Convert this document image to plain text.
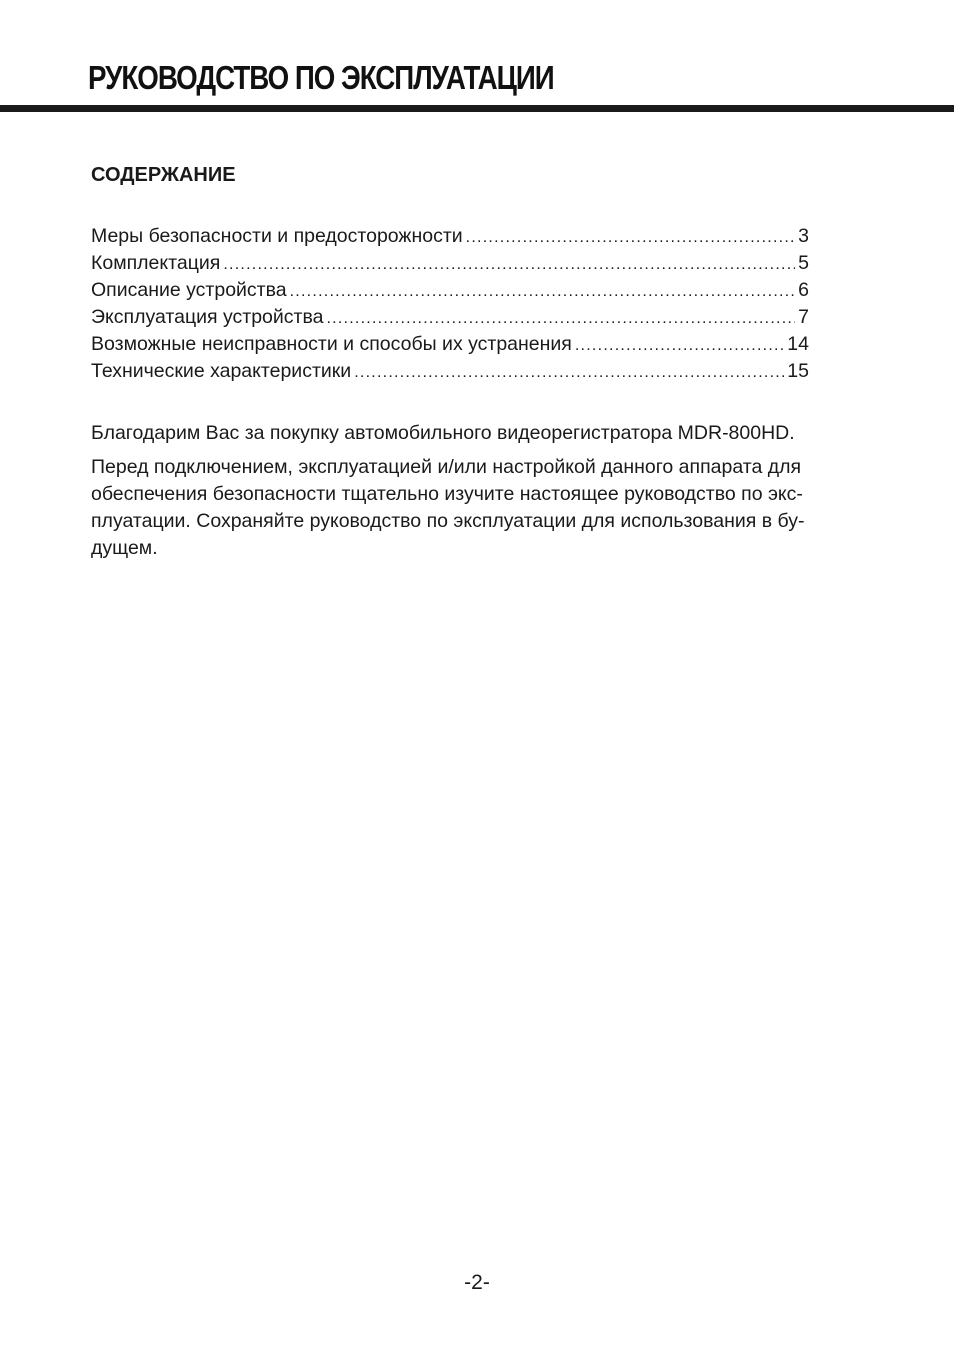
РУКОВОДСТВО ПО ЭКСПЛУАТАЦИИ
СОДЕРЖАНИЕ
Меры безопасности и предосторожности . . .	3
Комплектация . . .	5
Описание устройства . . .	6
Эксплуатация устройства . . .	7
Возможные неисправности и способы их устранения . . .	14
Технические характеристики . . .	15

Благодарим Вас за покупку автомобильного видеорегистратора MDR-800HD.

Перед подключением, эксплуатацией и/или настройкой данного аппарата для обеспечения безопасности тщательно изучите настоящее руководство по экс-плуатации. Сохраняйте руководство по эксплуатации для использования в бу-дущем.

-2-
